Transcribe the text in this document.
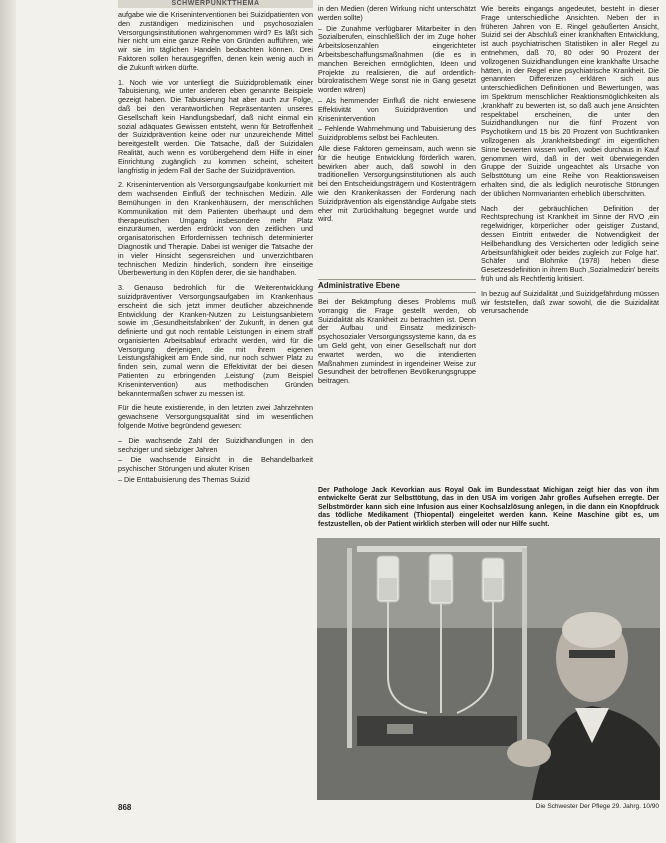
SCHWERPUNKTTHEMA

aufgabe wie die Kriseninterventionen bei Suizidpatienten von den zuständigen medizinischen und psychosozialen Versorgungsinstitutionen wahrgenommen wird? Es läßt sich hier nicht um eine ganze Reihe von Gründen aufführen, wie wir sie im täglichen Handeln beobachten können. Drei Faktoren sollen herausgegriffen, denen kein wenig auch in die Zukunft wirken dürfte.

1. Noch wie vor unterliegt die Suizidproblematik einer Tabuisierung, wie unter anderen eben genannte Beispiele gezeigt haben. Die Tabuisierung hat aber auch zur Folge, daß bei den verantwortlichen Repräsentanten unseres Gesellschaft kein Handlungsbedarf, daß nicht einmal ein sozial adäquates Gewissen entsteht, wenn für Betroffenheit der Suizidprävention keine oder nur unzureichende Mittel bereitgestellt werden. Die Tatsache, daß der Suizidalen Realität, auch wenn es vorübergehend dem Hilfe in einer Einrichtung zugänglich zu kommen scheint, scheitert langfristig in jedem Fall der Sache der Suizidprävention.

2. Krisenintervention als Versorgungsaufgabe konkurriert mit dem wachsenden Einfluß der technischen Medizin. Alle Bemühungen in den Krankenhäusern, der menschlichen Kommunikation mit dem Patienten überhaupt und dem therapeutischen Umgang insbesondere mehr Platz einzuräumen, werden erdrückt von den zeitlichen und organisatorischen Erfordernissen technisch determinierter Diagnostik und Therapie. Dabei ist weniger die Tatsache der in vieler Hinsicht segensreichen und unverzichtbaren technischen Medizin hinderlich, sondern ihre einseitige Überbewertung in den Köpfen derer, die sie handhaben.

3. Genauso bedrohlich für die Weiterentwicklung suizidpräventiver Versorgungsaufgaben im Krankenhaus erscheint die sich jetzt immer deutlicher abzeichnende Entwicklung der Kranken-Nutzen zu Leistungsanbietern sowie im ‚Gesundheitsfabriken' der Zukunft, in denen gut definierte und gut noch rentable Leistungen in einem straff organisierten Arbeitsablauf erbracht werden, wird für die Versorgung derjenigen, die mit ihrem eigenen Leistungsfähigkeit am Ende sind, nur noch schwer Platz zu finden sein, zumal wenn die Effektivität der bei diesen Patienten zu erbringenden ‚Leistung' (zum Beispiel Krisenintervention) aus methodischen Gründen bekanntermaßen schwer zu messen ist.

Für die heute existierende, in den letzten zwei Jahrzehnten gewachsene Versorgungsqualität sind im wesentlichen folgende Motive begründend gewesen:

– Die wachsende Zahl der Suizidhandlungen in den sechziger und siebziger Jahren

– Die wachsende Einsicht in die Behandelbarkeit psychischer Störungen und akuter Krisen

– Die Enttabuisierung des Themas Suizid

in den Medien (deren Wirkung nicht unterschätzt werden sollte)

– Die Zunahme verfügbarer Mitarbeiter in den Sozialberufen, einschließlich der im Zuge hoher Arbeitslosenzahlen eingerichteter Arbeitsbeschaffungsmaßnahmen (die es in manchen Bereichen ermöglichten, Ideen und Projekte zu realisieren, die auf ordentlich-bürokratischem Wege sonst nie in Gang gesetzt worden wären)

– Als hemmender Einfluß die nicht erwiesene Effektivität von Suizidprävention und Krisenintervention

– Fehlende Wahrnehmung und Tabuisierung des Suizidproblems selbst bei Fachleuten.

Alle diese Faktoren gemeinsam, auch wenn sie für die heutige Entwicklung förderlich waren, bewirken aber auch, daß sowohl in den traditionellen Versorgungsinstitutionen als auch bei den Entscheidungsträgern und Kostenträgern wie den Krankenkassen der Forderung nach Suizidprävention als eigenständige Aufgabe stets eher mit Zurückhaltung begegnet wurde und wird.

Administrative Ebene

Bei der Bekämpfung dieses Problems muß vorrangig die Frage gestellt werden, ob Suizidalität als Krankheit zu betrachten ist. Denn der Aufbau und Einsatz medizinisch-psychosozialer Versorgungssysteme kann, da es um Geld geht, von einer Gesellschaft nur dort erwartet werden, wo die intendierten Maßnahmen zumindest in irgendeiner Weise zur Gesundheit der betroffenen Bevölkerungsgruppe beitragen.

Wie bereits eingangs angedeutet, besteht in dieser Frage unterschiedliche Ansichten. Neben der in früheren Jahren von E. Ringel geäußerten Ansicht, Suizid sei der Abschluß einer krankhaften Entwicklung, ist auch psychiatrischen Statistiken in aller Regel zu entnehmen, daß 70, 80 oder 90 Prozent der vollzogenen Suizidhandlungen eine krankhafte Ursache hätten, in der Regel eine psychiatrische Krankheit. Die genannten Differenzen erklären sich aus unterschiedlichen Definitionen und Bewertungen, was im Spektrum menschlicher Reaktionsmöglichkeiten als ‚krankhaft' zu bewerten ist, so daß auch jene Ansichten respektabel erscheinen, die unter den Suizidhandlungen nur die fünf Prozent von Psychotikern und 15 bis 20 Prozent von Suchtkranken vollzogenen als ‚krankheitsbedingt' im eigentlichen Sinne bewerten wissen wollen, wobei durchaus in Kauf genommen wird, daß in der weit überwiegenden Gruppe der Suizide ungeachtet als Ursache von Selbsttötung um eine Reihe von Reaktionsweisen erhalten sind, die als lediglich neurotische Störungen der üblichen Normvarianten erheblich überschritten.

Nach der gebräuchlichen Definition der Rechtsprechung ist Krankheit im Sinne der RVO ‚ein regelwidriger, körperlicher oder geistiger Zustand, dessen Eintritt entweder die Notwendigkeit der Heilbehandlung des Versicherten oder lediglich seine Arbeitsunfähigkeit oder beides zugleich zur Folge hat'. Schäfer und Blohmke (1978) heben diese Gesetzesdefinition in ihrem Buch ‚Sozialmedizin' bereits früh und als Rechtfertig kritisiert.

In bezug auf Suizidalität ‚und Suizidgefährdung müssen wir feststellen, daß zwar sowohl, die die Suizidalität verursachende

Der Pathologe Jack Kevorkian aus Royal Oak im Bundesstaat Michigan zeigt hier das von ihm entwickelte Gerät zur Selbsttötung, das in den USA im vorigen Jahr großes Aufsehen erregte. Der Selbstmörder kann sich eine Infusion aus einer Kochsalzlösung anlegen, in die dann ein Knopfdruck das tödliche Medikament (Thiopental) eingeleitet werden kann. Keine Maschine gibt es, um festzustellen, ob der Patient wirklich sterben will oder nur Hilfe sucht.
868	Die Schwester Der Pflege 29. Jahrg. 10/90
